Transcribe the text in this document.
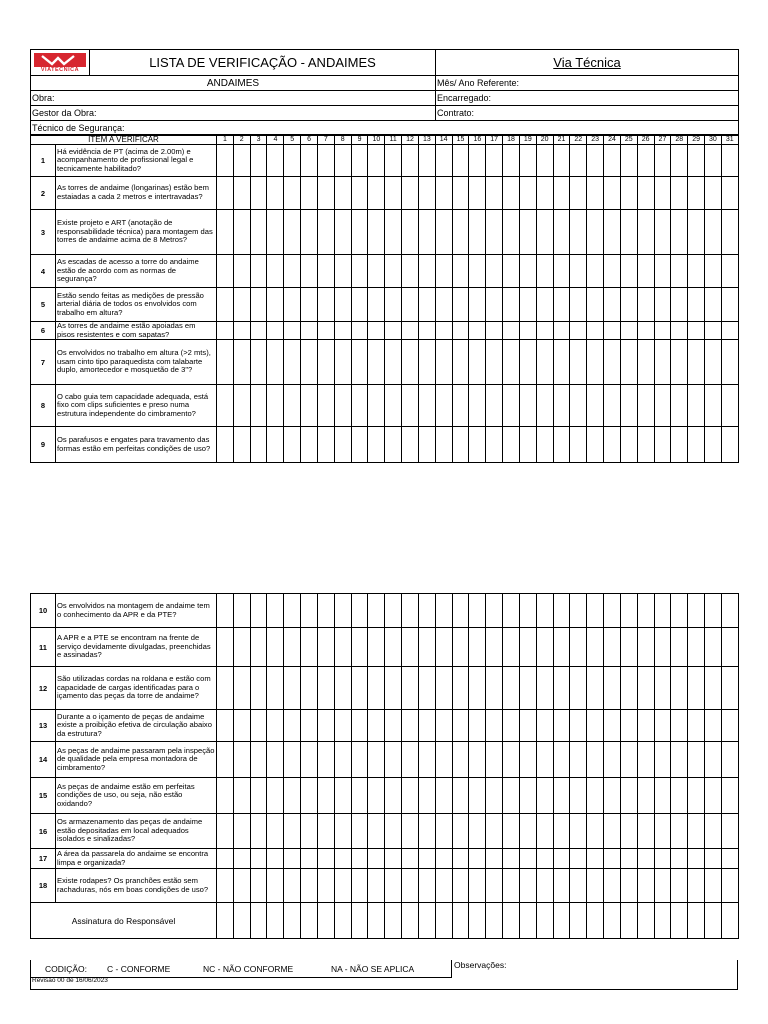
VIATECNICA	LISTA DE VERIFICAÇÃO - ANDAIMES	Via Técnica
ANDAIMES		Mês/ Ano Referente:
Obra:		Encarregado:
Gestor da Obra:		Contrato:
Técnico de Segurança:		
ITEM A VERIFICAR		1	2	3	4	5	6	7	8	9	10	11	12	13	14	15	16	17	18	19	20	21	22	23	24	25	26	27	28	29	30	31
1	Há evidência de PT (acima de 2.00m) e acompanhamento de profissional legal e tecnicamente habilitado?																															
2	As torres de andaime (longarinas) estão bem estaiadas a cada 2 metros e intertravadas?																															
3	Existe projeto e ART (anotação de responsabilidade técnica) para montagem das torres de andaime acima de 8 Metros?																															
4	As escadas de acesso a torre do andaime estão de acordo com as normas de segurança?																															
5	Estão sendo feitas as medições de pressão arterial diária de todos os envolvidos com trabalho em altura?																															
6	As torres de andaime estão apoiadas em pisos resistentes e com sapatas?																															
7	Os envolvidos no trabalho em altura (>2 mts), usam cinto tipo paraquedista com talabarte duplo, amortecedor e mosquetão de 3"?																															
8	O cabo guia tem capacidade adequada, está fixo com clips suficientes e preso numa estrutura independente do cimbramento?																															
9	Os parafusos e engates para travamento das formas estão em perfeitas condições de uso?																															
10	Os envolvidos na montagem de andaime tem o conhecimento da APR e da PTE?																															
11	A APR e a PTE se encontram na frente de serviço devidamente divulgadas, preenchidas e assinadas?																															
12	São utilizadas cordas na roldana e estão com capacidade de cargas identificadas para o içamento das peças da torre de andaime?																															
13	Durante a o içamento de peças de andaime existe a proibição efetiva de circulação abaixo da estrutura?																															
14	As peças de andaime passaram pela inspeção de qualidade pela empresa montadora de cimbramento?																															
15	As peças de andaime estão em perfeitas condições de uso, ou seja, não estão oxidando?																															
16	Os armazenamento das peças de andaime estão depositadas em local adequados isolados e sinalizadas?																															
17	A área da passarela do andaime se encontra limpa e organizada?																															
18	Existe rodapes? Os pranchões estão sem rachaduras, nós em boas condições de uso?																															
Assinatura do Responsável																																
CODIÇÃO: C - CONFORME	NC - NÃO CONFORME	NA - NÃO SE APLICA	Observações:
Revisão 00 de 16/06/2023
